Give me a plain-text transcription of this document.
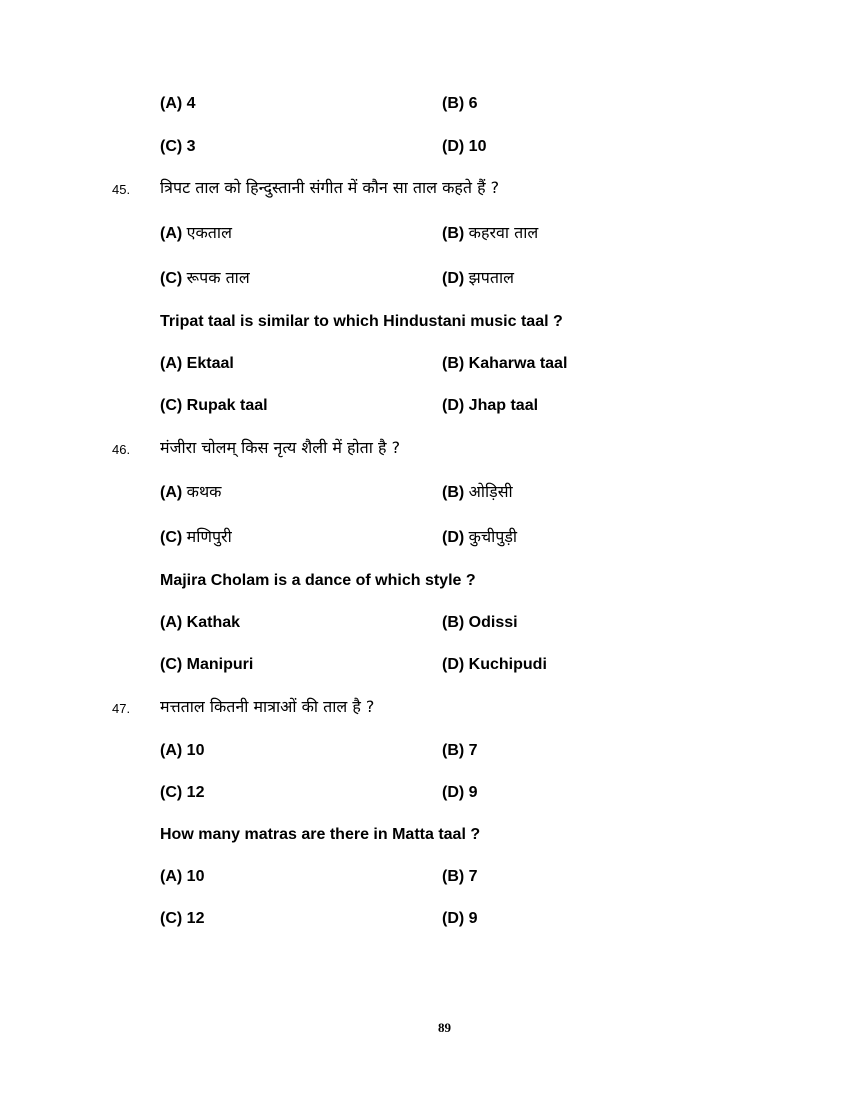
(A) 4	(B) 6
(C) 3	(D) 10
45. त्रिपट ताल को हिन्दुस्तानी संगीत में कौन सा ताल कहते हैं ?
(A) एकताल	(B) कहरवा ताल
(C) रूपक ताल	(D) झपताल
Tripat taal is similar to which Hindustani music taal ?
(A) Ektaal	(B) Kaharwa taal
(C) Rupak taal	(D) Jhap taal
46. मंजीरा चोलम् किस नृत्य शैली में होता है ?
(A) कथक	(B) ओड़िसी
(C) मणिपुरी	(D) कुचीपुड़ी
Majira Cholam is a dance of which style ?
(A) Kathak	(B) Odissi
(C) Manipuri	(D) Kuchipudi
47. मत्तताल कितनी मात्राओं की ताल है ?
(A) 10	(B) 7
(C) 12	(D) 9
How many matras are there in Matta taal ?
(A) 10	(B) 7
(C) 12	(D) 9
89
